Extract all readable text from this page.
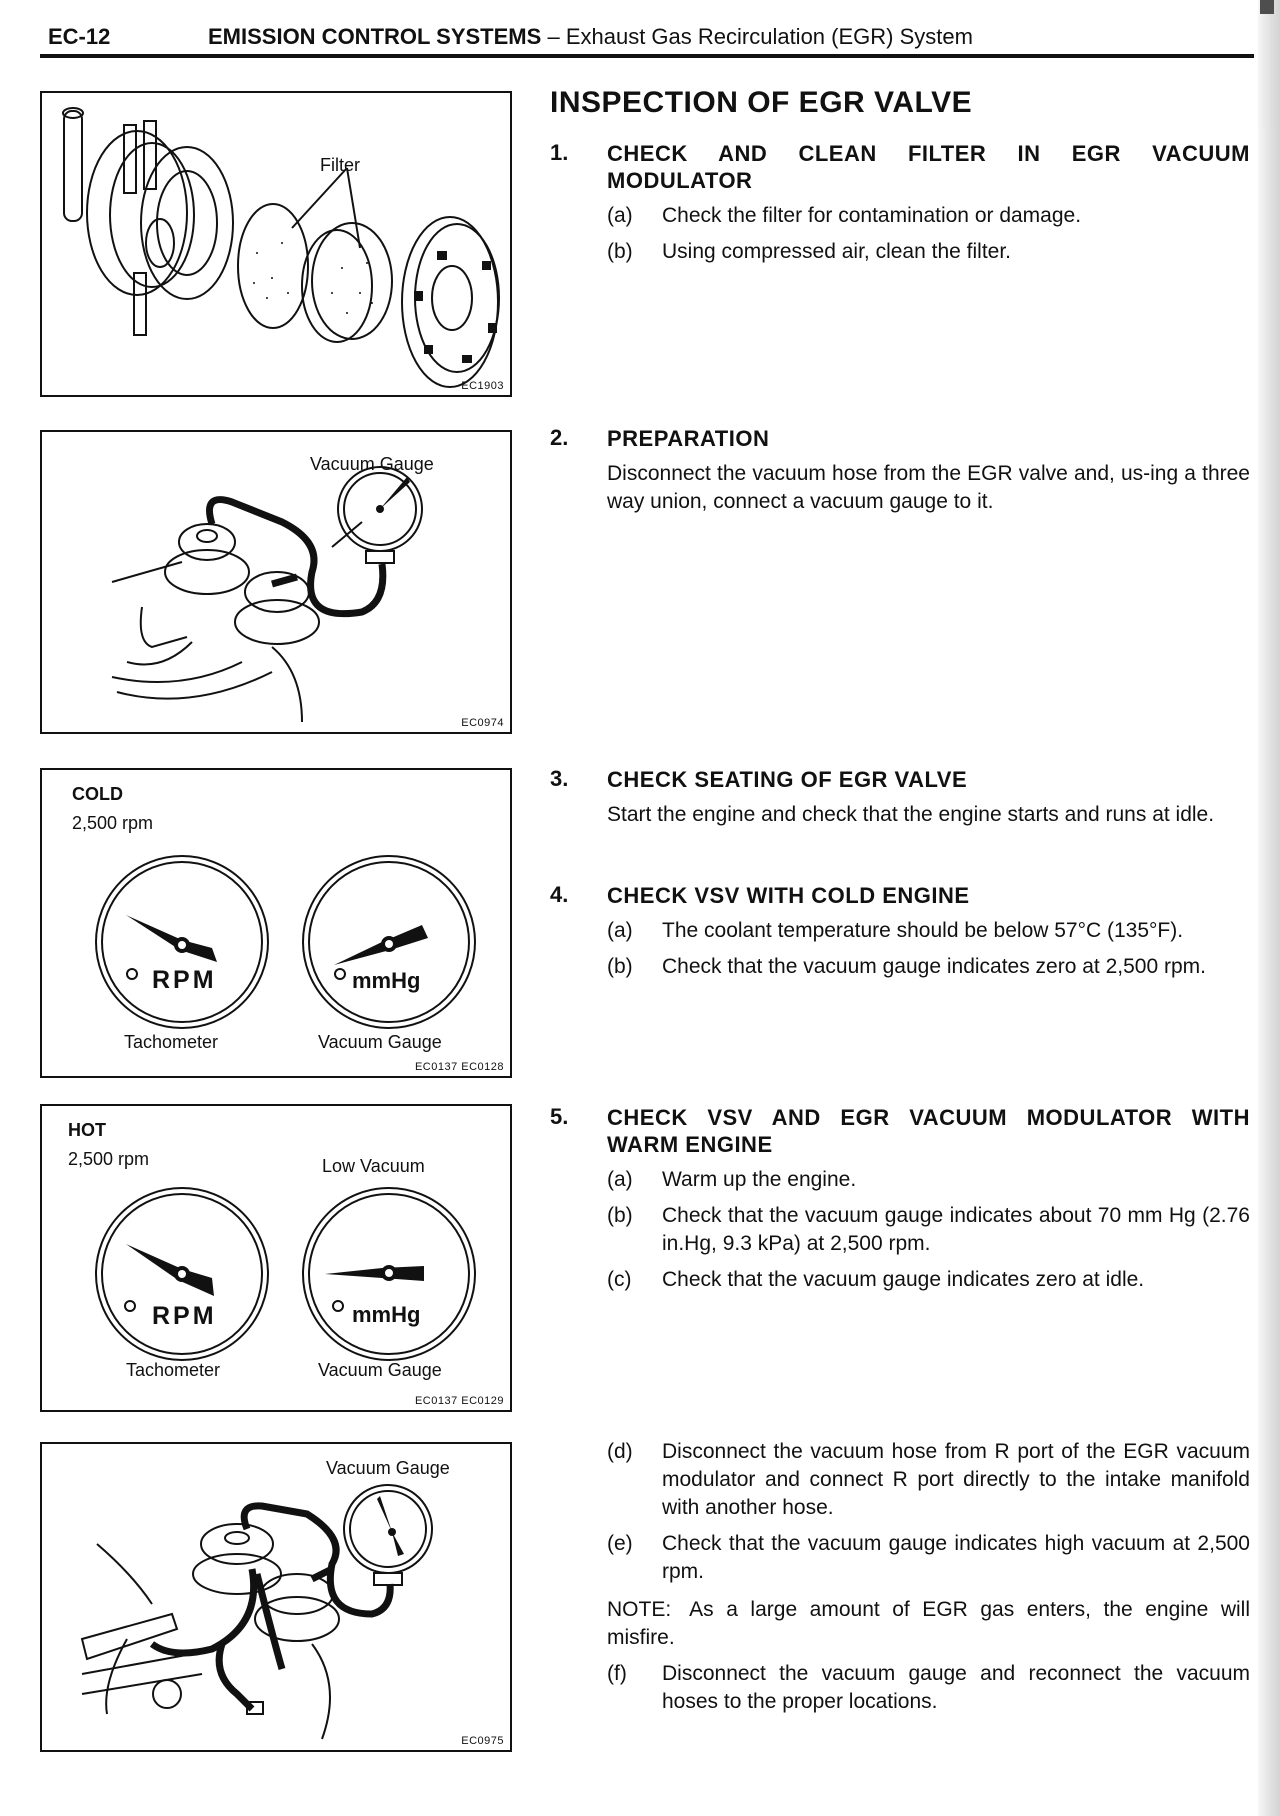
EC-12	EMISSION CONTROL SYSTEMS – Exhaust Gas Recirculation (EGR) System
Filter
EC1903
Vacuum Gauge
EC0974
COLD
2,500 rpm
RPM	mmHg
Tachometer	Vacuum Gauge
EC0137 EC0128
HOT
2,500 rpm	Low Vacuum
RPM	mmHg
Tachometer	Vacuum Gauge
EC0137 EC0129
Vacuum Gauge
EC0975
INSPECTION OF EGR VALVE
1. CHECK AND CLEAN FILTER IN EGR VACUUM MODULATOR
(a) Check the filter for contamination or damage.
(b) Using compressed air, clean the filter.
2. PREPARATION
Disconnect the vacuum hose from the EGR valve and, us-ing a three way union, connect a vacuum gauge to it.
3. CHECK SEATING OF EGR VALVE
Start the engine and check that the engine starts and runs at idle.
4. CHECK VSV WITH COLD ENGINE
(a) The coolant temperature should be below 57°C (135°F).
(b) Check that the vacuum gauge indicates zero at 2,500 rpm.
5. CHECK VSV AND EGR VACUUM MODULATOR WITH WARM ENGINE
(a) Warm up the engine.
(b) Check that the vacuum gauge indicates about 70 mm Hg (2.76 in.Hg, 9.3 kPa) at 2,500 rpm.
(c) Check that the vacuum gauge indicates zero at idle.
(d) Disconnect the vacuum hose from R port of the EGR vacuum modulator and connect R port directly to the intake manifold with another hose.
(e) Check that the vacuum gauge indicates high vacuum at 2,500 rpm.
NOTE: As a large amount of EGR gas enters, the engine will misfire.
(f) Disconnect the vacuum gauge and reconnect the vacuum hoses to the proper locations.
